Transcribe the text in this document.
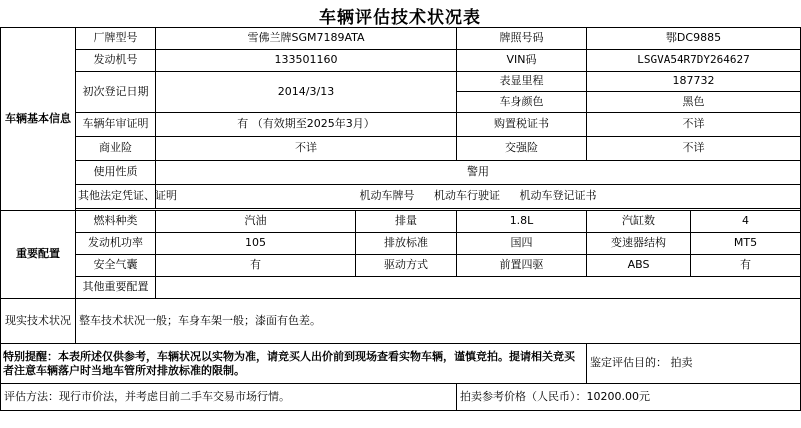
车辆评估技术状况表
车辆基本信息	厂牌型号	雪佛兰牌SGM7189ATA		牌照号码	鄂DC9885	
	发动机号	133501160		VIN码	LSGVA54R7DY264627	
	初次登记日期	2014/3/13		表显里程	187732	
				车身颜色	黑色	
	车辆年审证明	有 （有效期至2025年3月）		购置税证书	不详	
	商业险	不详		交强险	不详	
	使用性质	警用				
	其他法定凭证、证明	机动车牌号 机动车行驶证 机动车登记证书				

重要配置	燃料种类	汽油	排量	1.8L	汽缸数	4
	发动机功率	105	排放标准	国四	变速器结构	MT5
	安全气囊	有	驱动方式	前置四驱	ABS	有
	其他重要配置					
现实技术状况	整车技术状况一般；车身车架一般；漆面有色差。					
特别提醒：本表所述仅供参考，车辆状况以实物为准，请竞买人出价前到现场查看实物车辆，谨慎竞拍。提请相关竞买者注意车辆落户时当地车管所对排放标准的限制。					鉴定评估目的： 拍卖	
评估方法：现行市价法，并考虑目前二手车交易市场行情。				拍卖参考价格（人民币）：10200.00元		
